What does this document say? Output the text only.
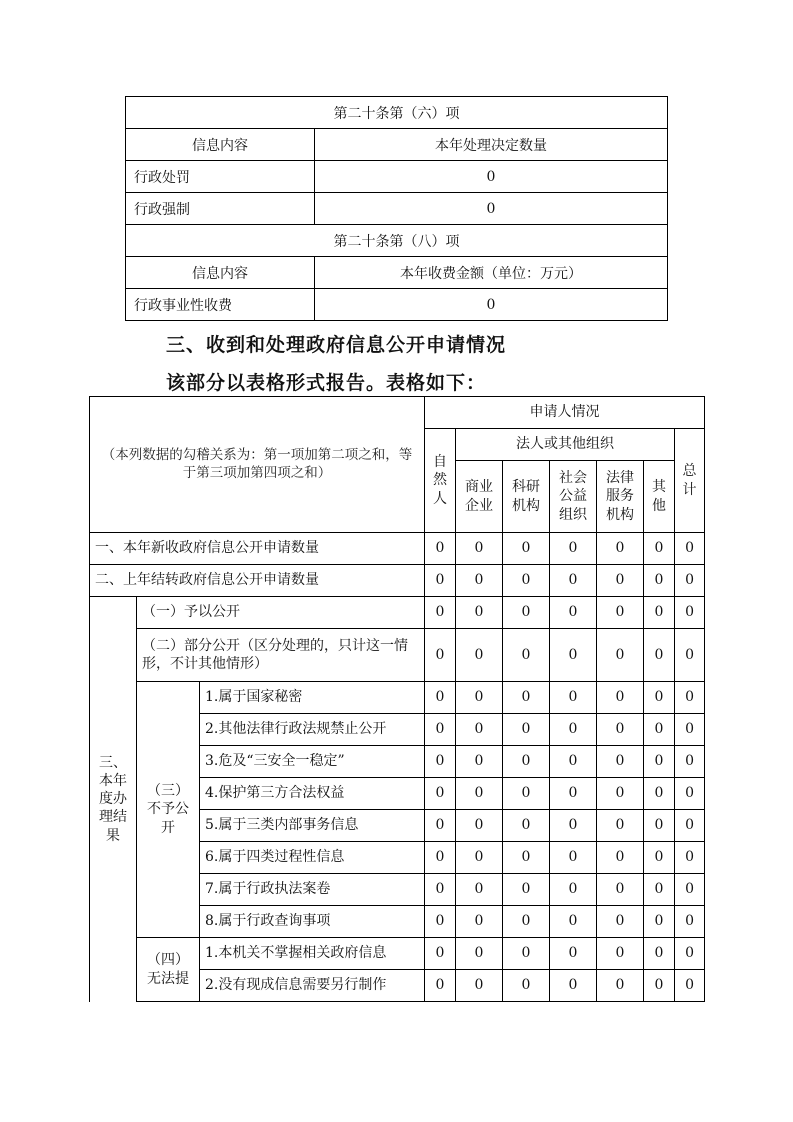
第二十条第（六）项	
信息内容	本年处理决定数量
行政处罚	0
行政强制	0
第二十条第（八）项	
信息内容	本年收费金额（单位：万元）
行政事业性收费	0
三、收到和处理政府信息公开申请情况
该部分以表格形式报告。表格如下：
（本列数据的勾稽关系为：第一项加第二项之和，等于第三项加第四项之和）			申请人情况						
			自然人	法人或其他组织					总计
				商业企业	科研机构	社会公益组织	法律服务机构	其他	

一、本年新收政府信息公开申请数量			0	0	0	0	0	0	0
二、上年结转政府信息公开申请数量			0	0	0	0	0	0	0
三、本年度办理结果	（一）予以公开		0	0	0	0	0	0	0
	（二）部分公开（区分处理的，只计这一情形，不计其他情形）		0	0	0	0	0	0	0
	（三）不予公开	1.属于国家秘密	0	0	0	0	0	0	0
		2.其他法律行政法规禁止公开	0	0	0	0	0	0	0
		3.危及“三安全一稳定”	0	0	0	0	0	0	0
		4.保护第三方合法权益	0	0	0	0	0	0	0
		5.属于三类内部事务信息	0	0	0	0	0	0	0
		6.属于四类过程性信息	0	0	0	0	0	0	0
		7.属于行政执法案卷	0	0	0	0	0	0	0
		8.属于行政查询事项	0	0	0	0	0	0	0
	（四）无法提	1.本机关不掌握相关政府信息	0	0	0	0	0	0	0
		2.没有现成信息需要另行制作	0	0	0	0	0	0	0
